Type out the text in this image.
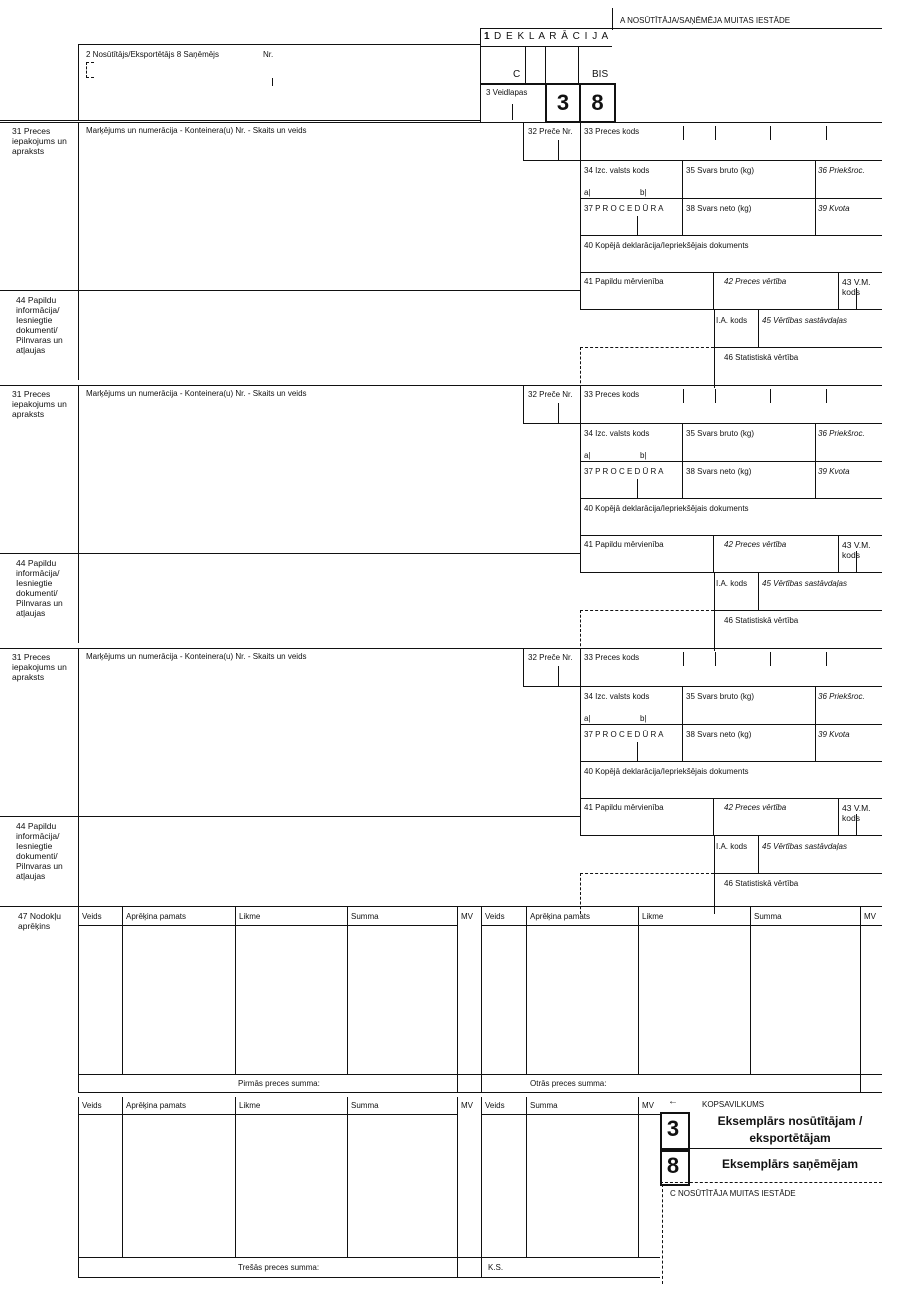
A NOSŪTĪTĀJA/SAŅĒMĒJA MUITAS IESTĀDE
2 Nosūtītājs/Eksportētājs 8 Saņēmējs	Nr.
1 D E K L A R Ā C I J A
C	BIS
3 Veidlapas	3	8
31 Preces iepakojums un apraksts
Marķējums un numerācija - Konteinera(u) Nr. - Skaits un veids	32 Preče Nr. 33 Preces kods
34 Izc. valsts kods	35 Svars bruto (kg)	36 Priekšroc.
a|	b|
37 P R O C E D Ū R A	38 Svars neto (kg)	39 Kvota
40 Kopējā deklarācija/Iepriekšējais dokuments
41 Papildu mērvienība	42 Preces vērtība	43 V.M. kods
44 Papildu informācija/ Iesniegtie dokumenti/ Pilnvaras un atļaujas
I.A. kods 45 Vērtības sastāvdaļas
46 Statistiskā vērtība
31 Preces iepakojums un apraksts
Marķējums un numerācija - Konteinera(u) Nr. - Skaits un veids	32 Preče Nr. 33 Preces kods
34 Izc. valsts kods	35 Svars bruto (kg)	36 Priekšroc.
a|	b|
37 P R O C E D Ū R A	38 Svars neto (kg)	39 Kvota
40 Kopējā deklarācija/Iepriekšējais dokuments
41 Papildu mērvienība	42 Preces vērtība	43 V.M. kods
44 Papildu informācija/ Iesniegtie dokumenti/ Pilnvaras un atļaujas
I.A. kods 45 Vērtības sastāvdaļas
46 Statistiskā vērtība
31 Preces iepakojums un apraksts
Marķējums un numerācija - Konteinera(u) Nr. - Skaits un veids	32 Preče Nr. 33 Preces kods
34 Izc. valsts kods	35 Svars bruto (kg)	36 Priekšroc.
a|	b|
37 P R O C E D Ū R A	38 Svars neto (kg)	39 Kvota
40 Kopējā deklarācija/Iepriekšējais dokuments
41 Papildu mērvienība	42 Preces vērtība	43 V.M. kods
44 Papildu informācija/ Iesniegtie dokumenti/ Pilnvaras un atļaujas
I.A. kods 45 Vērtības sastāvdaļas
46 Statistiskā vērtība
47 Nodokļu aprēķins
Veids	Aprēķina pamats	Likme	Summa	MV Veids	Aprēķina pamats	Likme	Summa	MV
Pirmās preces summa:	Otrās preces summa:
Veids	Aprēķina pamats	Likme	Summa	MV Veids	Summa	MV
Trešās preces summa:	K.S.
←	KOPSAVILKUMS
3	Eksemplārs nosūtītājam /
eksportētājam
8	Eksemplārs saņēmējam
C NOSŪTĪTĀJA MUITAS IESTĀDE
